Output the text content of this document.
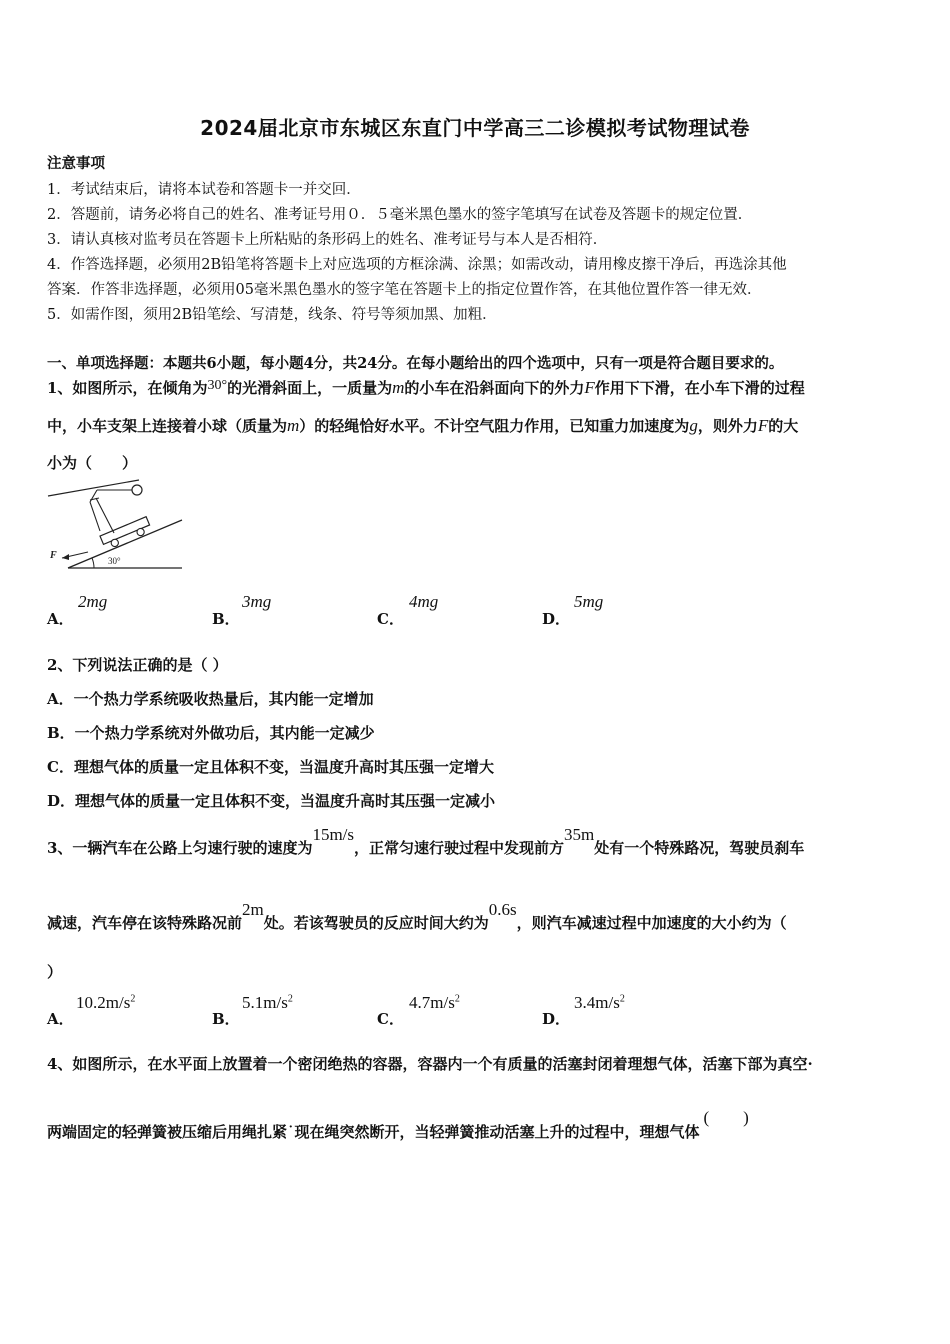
2024届北京市东城区东直门中学高三二诊模拟考试物理试卷
注意事项
1．考试结束后，请将本试卷和答题卡一并交回．
2．答题前，请务必将自己的姓名、准考证号用０．５毫米黑色墨水的签字笔填写在试卷及答题卡的规定位置．
3．请认真核对监考员在答题卡上所粘贴的条形码上的姓名、准考证号与本人是否相符．
4．作答选择题，必须用2B铅笔将答题卡上对应选项的方框涂满、涂黑；如需改动，请用橡皮擦干净后，再选涂其他
答案．作答非选择题，必须用05毫米黑色墨水的签字笔在答题卡上的指定位置作答，在其他位置作答一律无效．
5．如需作图，须用2B铅笔绘、写清楚，线条、符号等须加黑、加粗．
一、单项选择题：本题共6小题，每小题4分，共24分。在每小题给出的四个选项中，只有一项是符合题目要求的。
1、如图所示，在倾角为30°的光滑斜面上，一质量为m的小车在沿斜面向下的外力F作用下下滑，在小车下滑的过程
中，小车支架上连接着小球（质量为m）的轻绳恰好水平。不计空气阻力作用，已知重力加速度为g，则外力F的大
小为（　　）
F	30°
A．
2mg
B．
3mg
C．
4mg
D．
5mg
2、下列说法正确的是（ ）
A．一个热力学系统吸收热量后，其内能一定增加
B．一个热力学系统对外做功后，其内能一定减少
C．理想气体的质量一定且体积不变，当温度升高时其压强一定增大
D．理想气体的质量一定且体积不变，当温度升高时其压强一定减小
3、一辆汽车在公路上匀速行驶的速度为15m/s，正常匀速行驶过程中发现前方35m处有一个特殊路况，驾驶员刹车
减速，汽车停在该特殊路况前2m处。若该驾驶员的反应时间大约为0.6s，则汽车减速过程中加速度的大小约为（
）
A．
$10.2m/s^2$
B．
$5.1m/s^2$
C．
$4.7m/s^2$
D．
$3.4m/s^2$
4、如图所示，在水平面上放置着一个密闭绝热的容器，容器内一个有质量的活塞封闭着理想气体，活塞下部为真空·
两端固定的轻弹簧被压缩后用绳扎紧˙现在绳突然断开，当轻弹簧推动活塞上升的过程中，理想气体(　　)
